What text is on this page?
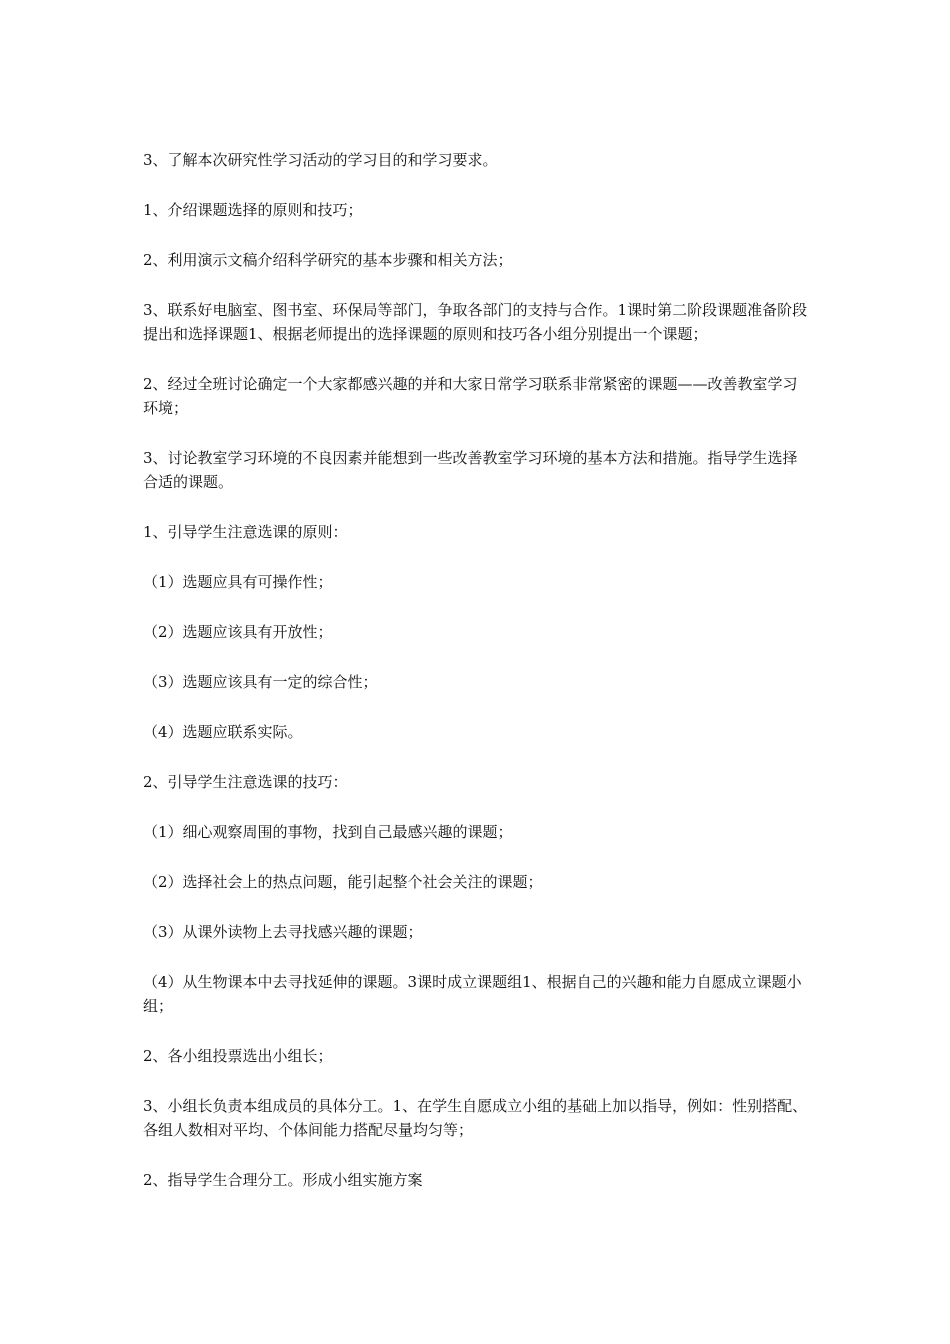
3、了解本次研究性学习活动的学习目的和学习要求。

1、介绍课题选择的原则和技巧；

2、利用演示文稿介绍科学研究的基本步骤和相关方法；

3、联系好电脑室、图书室、环保局等部门，争取各部门的支持与合作。1课时第二阶段课题准备阶段提出和选择课题1、根据老师提出的选择课题的原则和技巧各小组分别提出一个课题；

2、经过全班讨论确定一个大家都感兴趣的并和大家日常学习联系非常紧密的课题——改善教室学习环境；

3、讨论教室学习环境的不良因素并能想到一些改善教室学习环境的基本方法和措施。指导学生选择合适的课题。

1、引导学生注意选课的原则：

（1）选题应具有可操作性；

（2）选题应该具有开放性；

（3）选题应该具有一定的综合性；

（4）选题应联系实际。

2、引导学生注意选课的技巧：

（1）细心观察周围的事物，找到自己最感兴趣的课题；

（2）选择社会上的热点问题，能引起整个社会关注的课题；

（3）从课外读物上去寻找感兴趣的课题；

（4）从生物课本中去寻找延伸的课题。3课时成立课题组1、根据自己的兴趣和能力自愿成立课题小组；

2、各小组投票选出小组长；

3、小组长负责本组成员的具体分工。1、在学生自愿成立小组的基础上加以指导，例如：性别搭配、各组人数相对平均、个体间能力搭配尽量均匀等；

2、指导学生合理分工。形成小组实施方案
